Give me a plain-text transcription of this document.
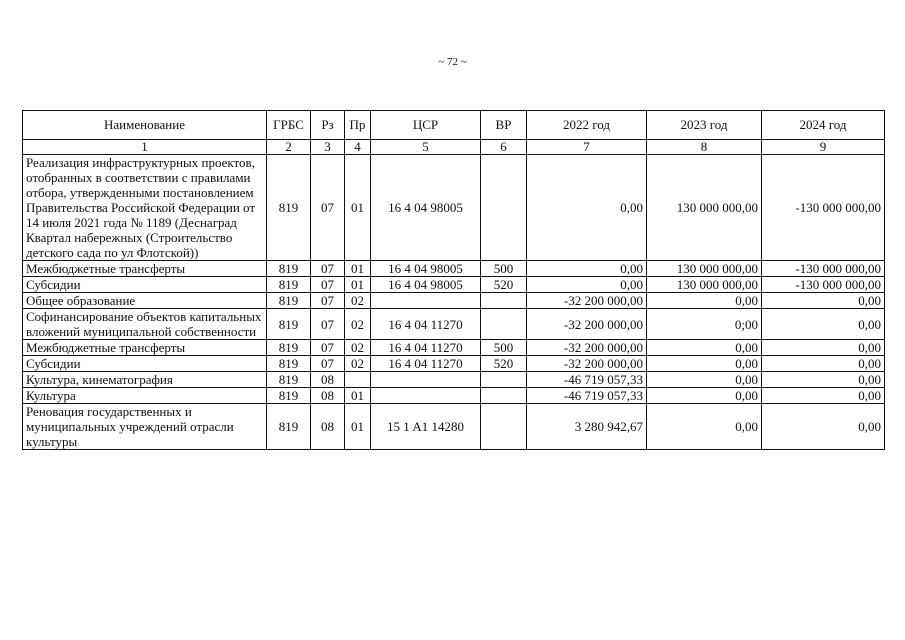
~ 72 ~
Наименование	ГРБС	Рз	Пр	ЦСР	ВР	2022 год	2023 год	2024 год
1	2	3	4	5	6	7	8	9
Реализация инфраструктурных проектов, отобранных в соответствии с правилами отбора, утвержденными постановлением Правительства Российской Федерации от 14 июля 2021 года № 1189 (Деснаград Квартал набережных (Строительство детского сада по ул Флотской))	819	07	01	16 4 04 98005		0,00	130 000 000,00	-130 000 000,00
Межбюджетные трансферты	819	07	01	16 4 04 98005	500	0,00	130 000 000,00	-130 000 000,00
Субсидии	819	07	01	16 4 04 98005	520	0,00	130 000 000,00	-130 000 000,00
Общее образование	819	07	02			-32 200 000,00	0,00	0,00
Софинансирование объектов капитальных вложений муниципальной собственности	819	07	02	16 4 04 11270		-32 200 000,00	0;00	0,00
Межбюджетные трансферты	819	07	02	16 4 04 11270	500	-32 200 000,00	0,00	0,00
Субсидии	819	07	02	16 4 04 11270	520	-32 200 000,00	0,00	0,00
Культура, кинематография	819	08				-46 719 057,33	0,00	0,00
Культура	819	08	01			-46 719 057,33	0,00	0,00
Реновация государственных и муниципальных учреждений отрасли культуры	819	08	01	15 1 A1 14280		3 280 942,67	0,00	0,00
